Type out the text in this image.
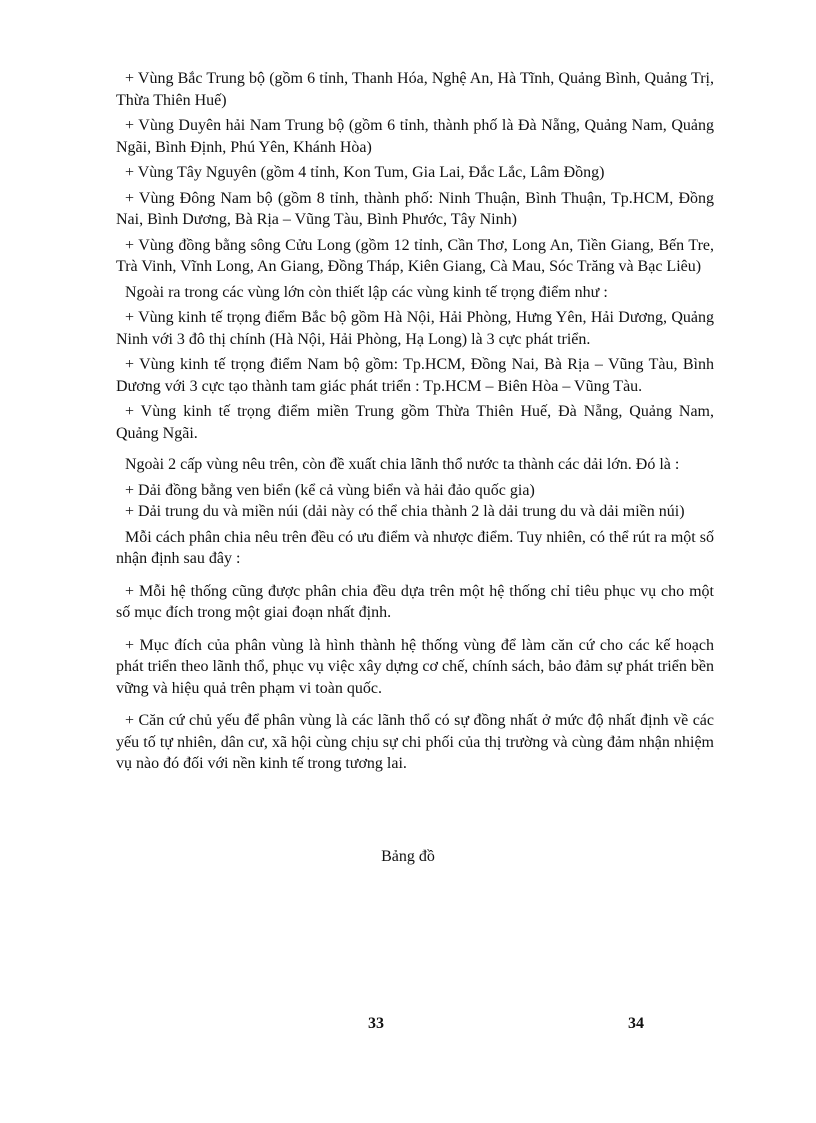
+ Vùng Bắc Trung bộ (gồm 6 tỉnh, Thanh Hóa, Nghệ An, Hà Tĩnh, Quảng Bình, Quảng Trị, Thừa Thiên Huế)

+ Vùng Duyên hải Nam Trung bộ (gồm 6 tỉnh, thành phố là Đà Nẵng, Quảng Nam, Quảng Ngãi, Bình Định, Phú Yên, Khánh Hòa)

+ Vùng Tây Nguyên (gồm 4 tỉnh, Kon Tum, Gia Lai, Đắc Lắc, Lâm Đồng)

+ Vùng Đông Nam bộ (gồm 8 tỉnh, thành phố: Ninh Thuận, Bình Thuận, Tp.HCM, Đồng Nai, Bình Dương, Bà Rịa – Vũng Tàu, Bình Phước, Tây Ninh)

+ Vùng đồng bằng sông Cửu Long (gồm 12 tỉnh, Cần Thơ, Long An, Tiền Giang, Bến Tre, Trà Vinh, Vĩnh Long, An Giang, Đồng Tháp, Kiên Giang, Cà Mau, Sóc Trăng và Bạc Liêu)

Ngoài ra trong các vùng lớn còn thiết lập các vùng kinh tế trọng điểm như :

+ Vùng kinh tế trọng điểm Bắc bộ gồm Hà Nội, Hải Phòng, Hưng Yên, Hải Dương, Quảng Ninh với 3 đô thị chính (Hà Nội, Hải Phòng, Hạ Long) là 3 cực phát triển.

+ Vùng kinh tế trọng điểm Nam bộ gồm: Tp.HCM, Đồng Nai, Bà Rịa – Vũng Tàu, Bình Dương với 3 cực tạo thành tam giác phát triển : Tp.HCM – Biên Hòa – Vũng Tàu.

+ Vùng kinh tế trọng điểm miền Trung gồm Thừa Thiên Huế, Đà Nẵng, Quảng Nam, Quảng Ngãi.

Ngoài 2 cấp vùng nêu trên, còn đề xuất chia lãnh thổ nước ta thành các dải lớn. Đó là :

+ Dải đồng bằng ven biển (kể cả vùng biển và hải đảo quốc gia)

+ Dải trung du và miền núi (dải này có thể chia thành 2 là dải trung du và dải miền núi)

Mỗi cách phân chia nêu trên đều có ưu điểm và nhược điểm. Tuy nhiên, có thể rút ra một số nhận định sau đây :

+ Mỗi hệ thống cũng được phân chia đều dựa trên một hệ thống chỉ tiêu phục vụ cho một số mục đích trong một giai đoạn nhất định.

+ Mục đích của phân vùng là hình thành hệ thống vùng để làm căn cứ cho các kế hoạch phát triển theo lãnh thổ, phục vụ việc xây dựng cơ chế, chính sách, bảo đảm sự phát triển bền vững và hiệu quả trên phạm vi toàn quốc.

+ Căn cứ chủ yếu để phân vùng là các lãnh thổ có sự đồng nhất ở mức độ nhất định về các yếu tố tự nhiên, dân cư, xã hội cùng chịu sự chi phối của thị trường và cùng đảm nhận nhiệm vụ nào đó đối với nền kinh tế trong tương lai.

Bảng đồ
33	34
